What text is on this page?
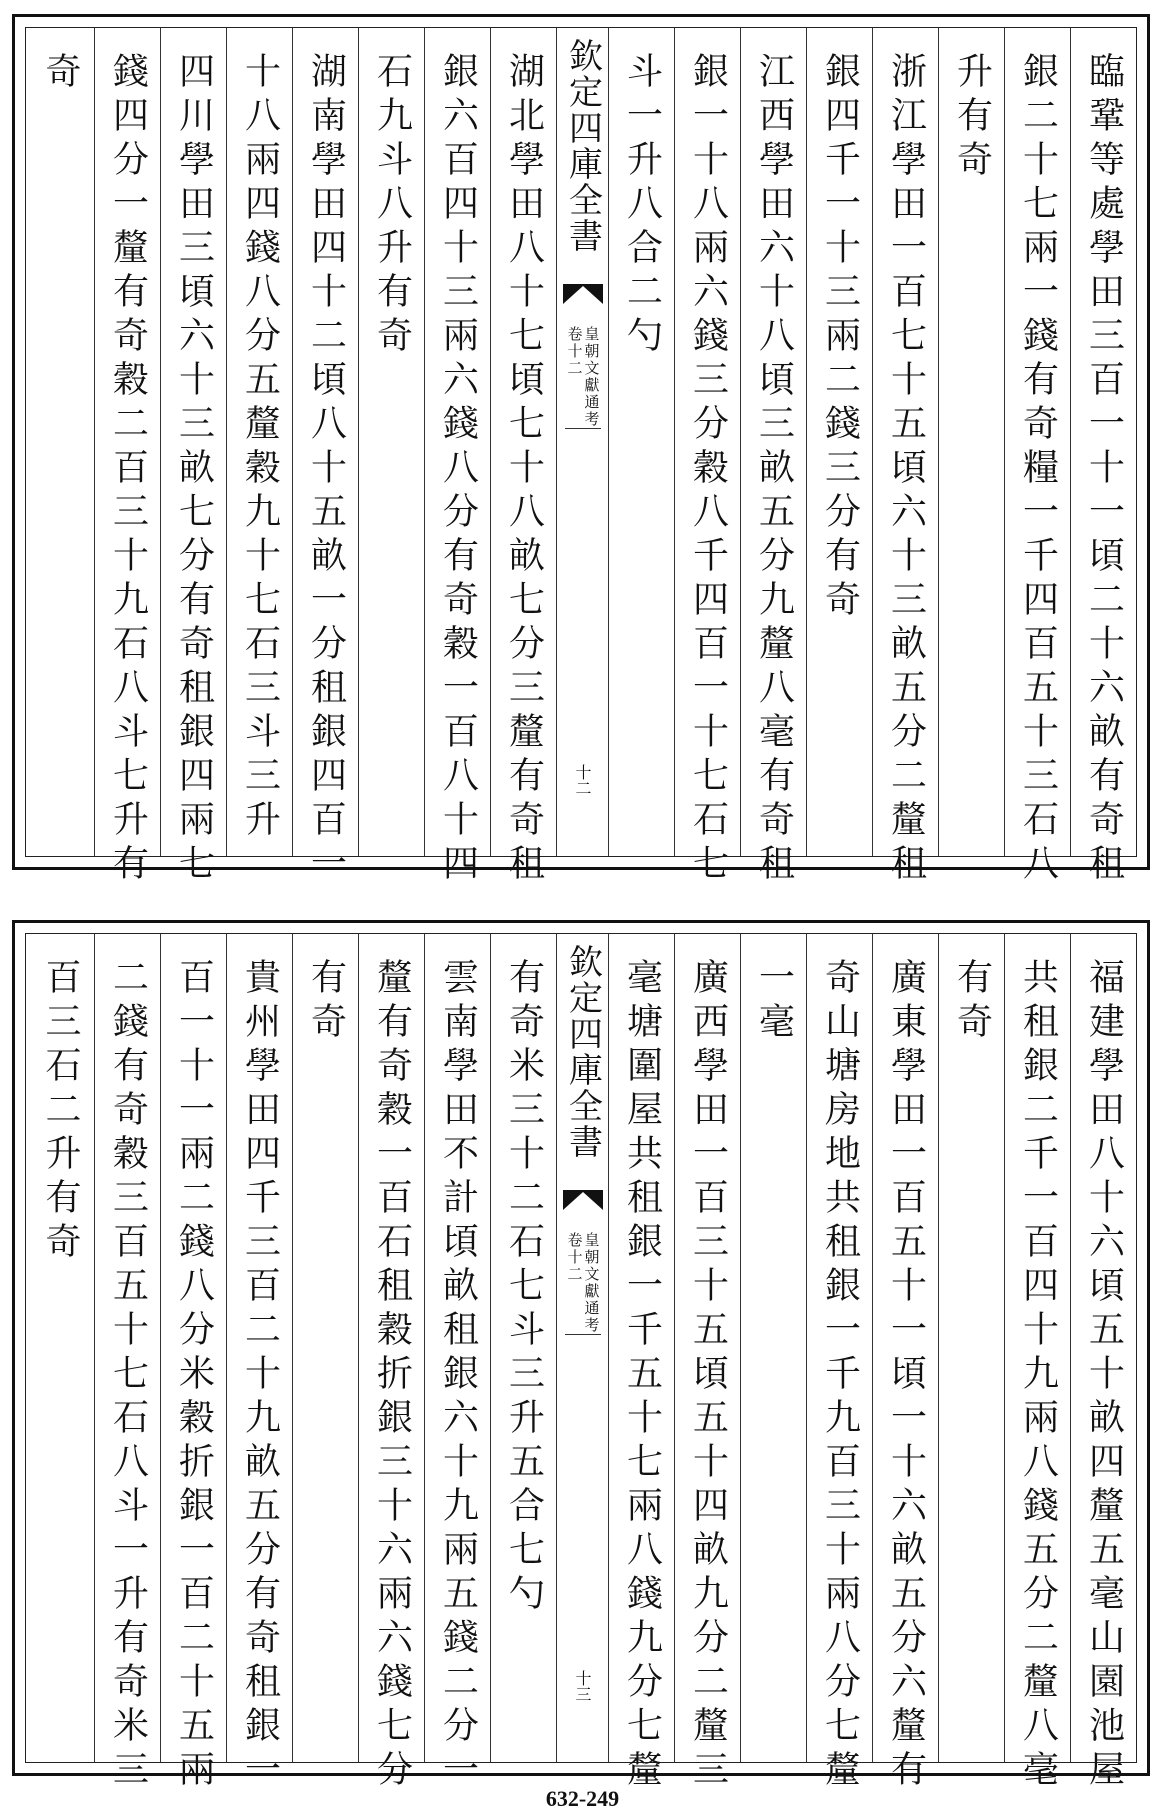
臨鞏等處學田三百一十一頃二十六畝有奇租
銀二十七兩一錢有奇糧一千四百五十三石八
升有奇
浙江學田一百七十五頃六十三畝五分二釐租
銀四千一十三兩二錢三分有奇
江西學田六十八頃三畝五分九釐八毫有奇租
銀一十八兩六錢三分穀八千四百一十七石七
斗一升八合二勺
欽定四庫全書
皇朝文獻通考
卷十二
十二
湖北學田八十七頃七十八畝七分三釐有奇租
銀六百四十三兩六錢八分有奇穀一百八十四
石九斗八升有奇
湖南學田四十二頃八十五畝一分租銀四百一
十八兩四錢八分五釐穀九十七石三斗三升
四川學田三頃六十三畝七分有奇租銀四兩七
錢四分一釐有奇穀二百三十九石八斗七升有
奇
福建學田八十六頃五十畝四釐五毫山園池屋
共租銀二千一百四十九兩八錢五分二釐八毫
有奇
廣東學田一百五十一頃一十六畝五分六釐有
奇山塘房地共租銀一千九百三十兩八分七釐
一毫
廣西學田一百三十五頃五十四畝九分二釐三
毫塘圍屋共租銀一千五十七兩八錢九分七釐
欽定四庫全書
皇朝文獻通考
卷十二
十三
有奇米三十二石七斗三升五合七勺
雲南學田不計頃畝租銀六十九兩五錢二分一
釐有奇穀一百石租穀折銀三十六兩六錢七分
有奇
貴州學田四千三百二十九畝五分有奇租銀一
百一十一兩二錢八分米穀折銀一百二十五兩
二錢有奇穀三百五十七石八斗一升有奇米三
百三石二升有奇
632-249
